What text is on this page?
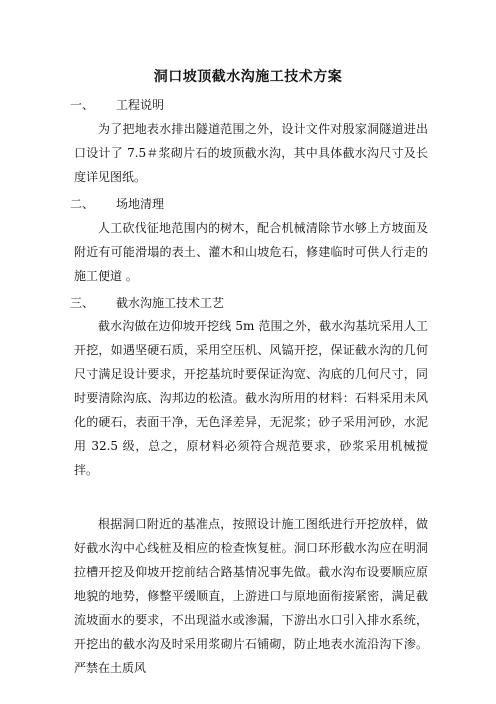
洞口坡顶截水沟施工技术方案
一、 工程说明

为了把地表水排出隧道范围之外，设计文件对殷家洞隧道进出口设计了 7.5＃浆砌片石的坡顶截水沟，其中具体截水沟尺寸及长度详见图纸。

二、 场地清理

人工砍伐征地范围内的树木，配合机械清除节水够上方坡面及附近有可能滑塌的表土、灌木和山坡危石，修建临时可供人行走的施工便道 。

三、 截水沟施工技术工艺

截水沟做在边仰坡开挖线 5m 范围之外，截水沟基坑采用人工开挖，如遇坚硬石质，采用空压机、风镐开挖，保证截水沟的几何尺寸满足设计要求，开挖基坑时要保证沟宽、沟底的几何尺寸，同时要清除沟底、沟邦边的松渣。截水沟所用的材料：石料采用未风化的硬石，表面干净，无色泽差异，无泥浆；砂子采用河砂，水泥用 32.5 级，总之，原材料必须符合规范要求，砂浆采用机械搅拌。

根据洞口附近的基准点，按照设计施工图纸进行开挖放样，做好截水沟中心线桩及相应的检查恢复桩。洞口环形截水沟应在明洞拉槽开挖及仰坡开挖前结合路基情况事先做。截水沟布设要顺应原地貌的地势，修整平缓顺直，上游进口与原地面衔接紧密，满足截流坡面水的要求，不出现溢水或渗漏，下游出水口引入排水系统，开挖出的截水沟及时采用浆砌片石铺砌，防止地表水流沿沟下渗。严禁在土质风
